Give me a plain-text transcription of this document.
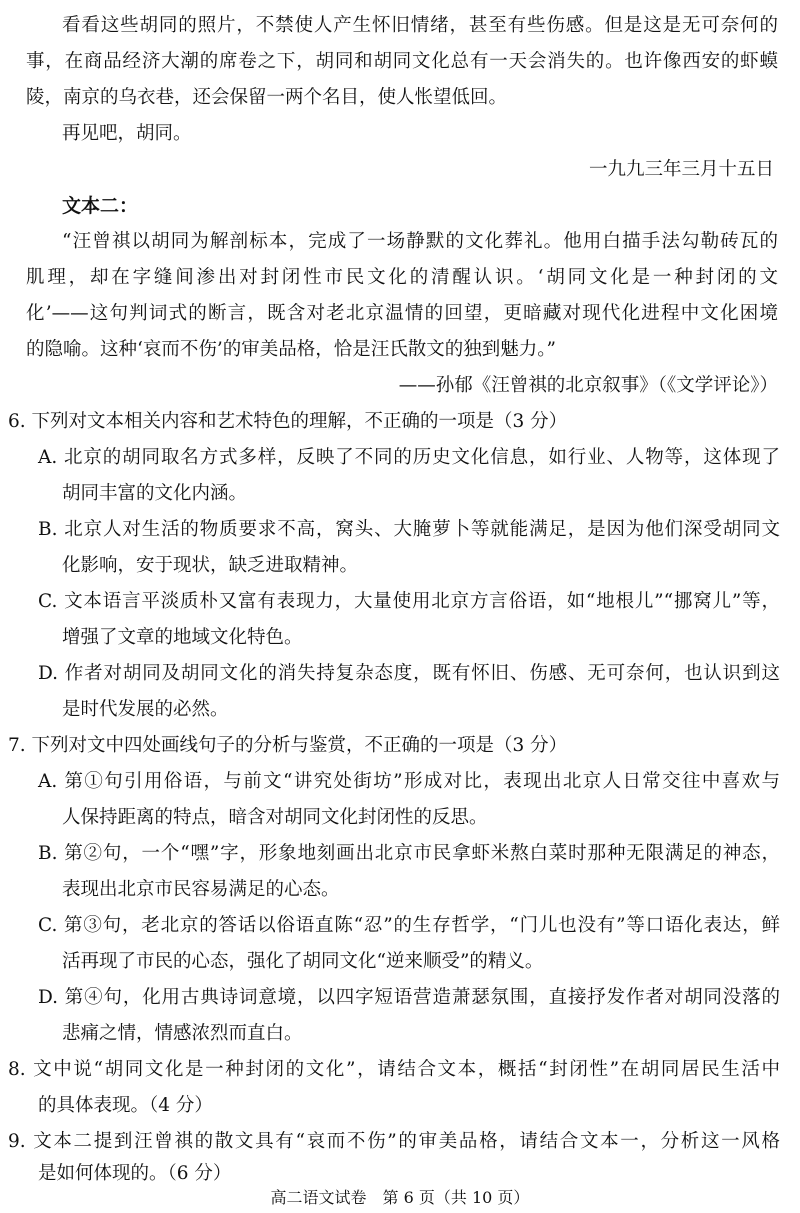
看看这些胡同的照片，不禁使人产生怀旧情绪，甚至有些伤感。但是这是无可奈何的
事，在商品经济大潮的席卷之下，胡同和胡同文化总有一天会消失的。也许像西安的虾蟆
陵，南京的乌衣巷，还会保留一两个名目，使人怅望低回。
再见吧，胡同。
一九九三年三月十五日
文本二：
“汪曾祺以胡同为解剖标本，完成了一场静默的文化葬礼。他用白描手法勾勒砖瓦的
肌理，却在字缝间渗出对封闭性市民文化的清醒认识。‘胡同文化是一种封闭的文
化’——这句判词式的断言，既含对老北京温情的回望，更暗藏对现代化进程中文化困境
的隐喻。这种‘哀而不伤’的审美品格，恰是汪氏散文的独到魅力。”
——孙郁《汪曾祺的北京叙事》（《文学评论》）
6. 下列对文本相关内容和艺术特色的理解，不正确的一项是（3 分）
A. 北京的胡同取名方式多样，反映了不同的历史文化信息，如行业、人物等，这体现了
胡同丰富的文化内涵。
B. 北京人对生活的物质要求不高，窝头、大腌萝卜等就能满足，是因为他们深受胡同文
化影响，安于现状，缺乏进取精神。
C. 文本语言平淡质朴又富有表现力，大量使用北京方言俗语，如“地根儿”“挪窝儿”等，
增强了文章的地域文化特色。
D. 作者对胡同及胡同文化的消失持复杂态度，既有怀旧、伤感、无可奈何，也认识到这
是时代发展的必然。
7. 下列对文中四处画线句子的分析与鉴赏，不正确的一项是（3 分）
A. 第①句引用俗语，与前文“讲究处街坊”形成对比，表现出北京人日常交往中喜欢与
人保持距离的特点，暗含对胡同文化封闭性的反思。
B. 第②句，一个“嘿”字，形象地刻画出北京市民拿虾米熬白菜时那种无限满足的神态，
表现出北京市民容易满足的心态。
C. 第③句，老北京的答话以俗语直陈“忍”的生存哲学，“门儿也没有”等口语化表达，鲜
活再现了市民的心态，强化了胡同文化“逆来顺受”的精义。
D. 第④句，化用古典诗词意境，以四字短语营造萧瑟氛围，直接抒发作者对胡同没落的
悲痛之情，情感浓烈而直白。
8. 文中说“胡同文化是一种封闭的文化”，请结合文本，概括“封闭性”在胡同居民生活中
的具体表现。（4 分）
9. 文本二提到汪曾祺的散文具有“哀而不伤”的审美品格，请结合文本一，分析这一风格
高二语文试卷　第 6 页（共 10 页）
是如何体现的。（6 分）
